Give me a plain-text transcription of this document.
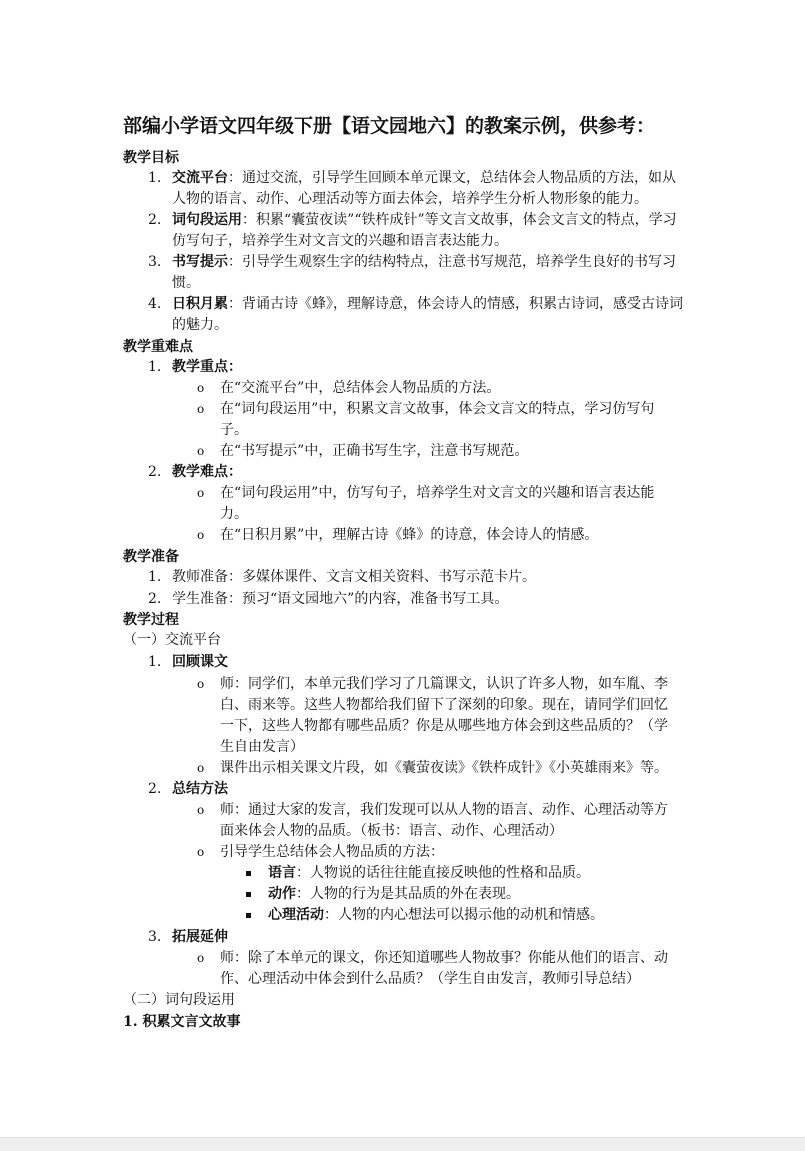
部编小学语文四年级下册【语文园地六】的教案示例，供参考：
教学目标
1. 交流平台：通过交流，引导学生回顾本单元课文，总结体会人物品质的方法，如从人物的语言、动作、心理活动等方面去体会，培养学生分析人物形象的能力。
2. 词句段运用：积累“囊萤夜读”“铁杵成针”等文言文故事，体会文言文的特点，学习仿写句子，培养学生对文言文的兴趣和语言表达能力。
3. 书写提示：引导学生观察生字的结构特点，注意书写规范，培养学生良好的书写习惯。
4. 日积月累：背诵古诗《蜂》，理解诗意，体会诗人的情感，积累古诗词，感受古诗词的魅力。
教学重难点
1. 教学重点：
o 在“交流平台”中，总结体会人物品质的方法。
o 在“词句段运用”中，积累文言文故事，体会文言文的特点，学习仿写句子。
o 在“书写提示”中，正确书写生字，注意书写规范。
2. 教学难点：
o 在“词句段运用”中，仿写句子，培养学生对文言文的兴趣和语言表达能力。
o 在“日积月累”中，理解古诗《蜂》的诗意，体会诗人的情感。
教学准备
1. 教师准备：多媒体课件、文言文相关资料、书写示范卡片。
2. 学生准备：预习“语文园地六”的内容，准备书写工具。
教学过程
（一）交流平台
1. 回顾课文
o 师：同学们，本单元我们学习了几篇课文，认识了许多人物，如车胤、李白、雨来等。这些人物都给我们留下了深刻的印象。现在，请同学们回忆一下，这些人物都有哪些品质？你是从哪些地方体会到这些品质的？（学生自由发言）
o 课件出示相关课文片段，如《囊萤夜读》《铁杵成针》《小英雄雨来》等。
2. 总结方法
o 师：通过大家的发言，我们发现可以从人物的语言、动作、心理活动等方面来体会人物的品质。（板书：语言、动作、心理活动）
o 引导学生总结体会人物品质的方法：
语言：人物说的话往往能直接反映他的性格和品质。
动作：人物的行为是其品质的外在表现。
心理活动：人物的内心想法可以揭示他的动机和情感。
3. 拓展延伸
o 师：除了本单元的课文，你还知道哪些人物故事？你能从他们的语言、动作、心理活动中体会到什么品质？（学生自由发言，教师引导总结）
（二）词句段运用
1. 积累文言文故事
